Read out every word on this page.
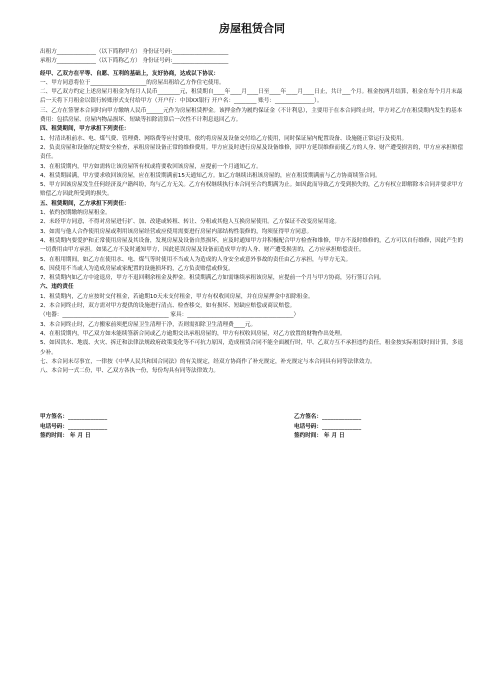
房屋租赁合同
出租方______________（以下简称甲方） 身份证号码:____________________
承租方______________（以下简称乙方） 身份证号码:____________________
经甲、乙双方在平等、自愿、互利的基础上，友好协商，达成以下协议：
一、甲方同意将位于____________________的房屋出租给乙方作住宅使用。
二、甲乙双方约定上述房屋月租金为每月人民币________元，租赁期自____年____月____日至____年____月____日止，共计___个月。租金按两月结算，租金在每个月月末最后一天将下月租金以银行转账形式支付给甲方（开户行：中国XX银行 开户名：________ 账号：______________）。
三、乙方在签署本合同时向甲方缴纳人民币______元作为房屋租赁押金。该押金作为履约保证金（不计利息），主要用于在本合同终止时，甲方对乙方在租赁期内发生的基本费用：包括房屋、房屋内物品损坏、短缺等扣除清算后一次性不计利息退回乙方。
四、租赁期间，甲方承担下列责任：
1、付清出租前水、电、煤气费、管理费、网络费等应付费用，依约将房屋及设备交付给乙方使用，同时保证屋内配置设备、设施能正常运行及使用。
2、负责房屋和设备的定期安全检查，承租房屋设备正常的维修费用。甲方应及时进行房屋及设备维修，因甲方延误维修而使乙方的人身、财产遭受损害的，甲方应承担赔偿责任。
3、在租赁期内，甲方如需转让该房屋所有权或将要收回该房屋，应提前一个月通知乙方。
4、租赁期届满，甲方要求收回该房屋，应在租赁期满前15天通知乙方。如乙方继续出租该房屋的，应在租赁期满前与乙方协商续签合同。
5、甲方因该房屋发生任何经济及户籍纠纷，均与乙方无关。乙方有权继续执行本合同至合约期满为止。如因此而导致乙方受到损失的，乙方有权立即解除本合同并要求甲方赔偿乙方因此所受到的损失。
五、租赁期间，乙方承担下列责任：
1、依约按期缴纳房屋租金。
2、未经甲方同意，不得对房屋进行扩、加、改建或转租、转让、分租或其他人互换房屋使用。乙方保证不改变房屋用途。
3、如需与他人合作使用房屋或利用该房屋经营或应使用需要进行房屋内部结构性装修的，均须征得甲方同意。
4、租赁期内要爱护和正常使用房屋及其设备，发现房屋及设备自然损坏，应及时通知甲方并积极配合甲方检查和维修，甲方不及时维修的，乙方可以自行维修，因此产生的一切费用由甲方承担。如果乙方不及时通知甲方，因此延误房屋及设备而造成甲方的人身、财产遭受损害的，乙方应承担赔偿责任。
5、在租用期间，如乙方在使用水、电、煤气等时使用不当或人为造成的人身安全或意外事故的责任由乙方承担，与甲方无关。
6、因使用不当或人为造成房屋或家配置的设施损坏的，乙方负责赔偿或修复。
7、租赁期内如乙方中途退房，甲方不退回剩余租金及押金。租赁期满乙方如需继续承租该房屋，应提前一个月与甲方协商，另行签订合同。
六、违约责任
1、租赁期内，乙方应按时交付租金，若逾期10天未支付租金，甲方有权收回房屋，并在房屋押金中扣除租金。
2、本合同终止时，双方需对甲方提供的设施进行清点、检查移交，如有损坏、短缺应赔偿或商议赔偿。
（电器：______________________________________ 家具：______________________________________）
3、本合同终止时，乙方搬家前须把房屋卫生清理干净，否则需扣除卫生清理费____元。
4、在租赁期内，甲乙双方如未能续签新合同或乙方逾期交出承租房屋的，甲方有权收回房屋，对乙方放置的财物作出处理。
5、如因洪水、地震、火灾、拆迁和法律法规政府政策变化等不可抗力原因，造成租赁合同不能全面履行时，甲、乙双方互不承担违约责任，租金按实际租赁时间计算，多退少补。
七、本合同未尽事宜，一律按《中华人民共和国合同法》的有关规定，经双方协商作了补充规定，补充规定与本合同具有同等法律效力。
八、本合同一式二份，甲、乙双方各执一份，每份均具有同等法律效力。
甲方签名：______________
电话号码：______________
签约时间： 年 月 日
乙方签名：______________
电话号码：______________
签约时间： 年 月 日
